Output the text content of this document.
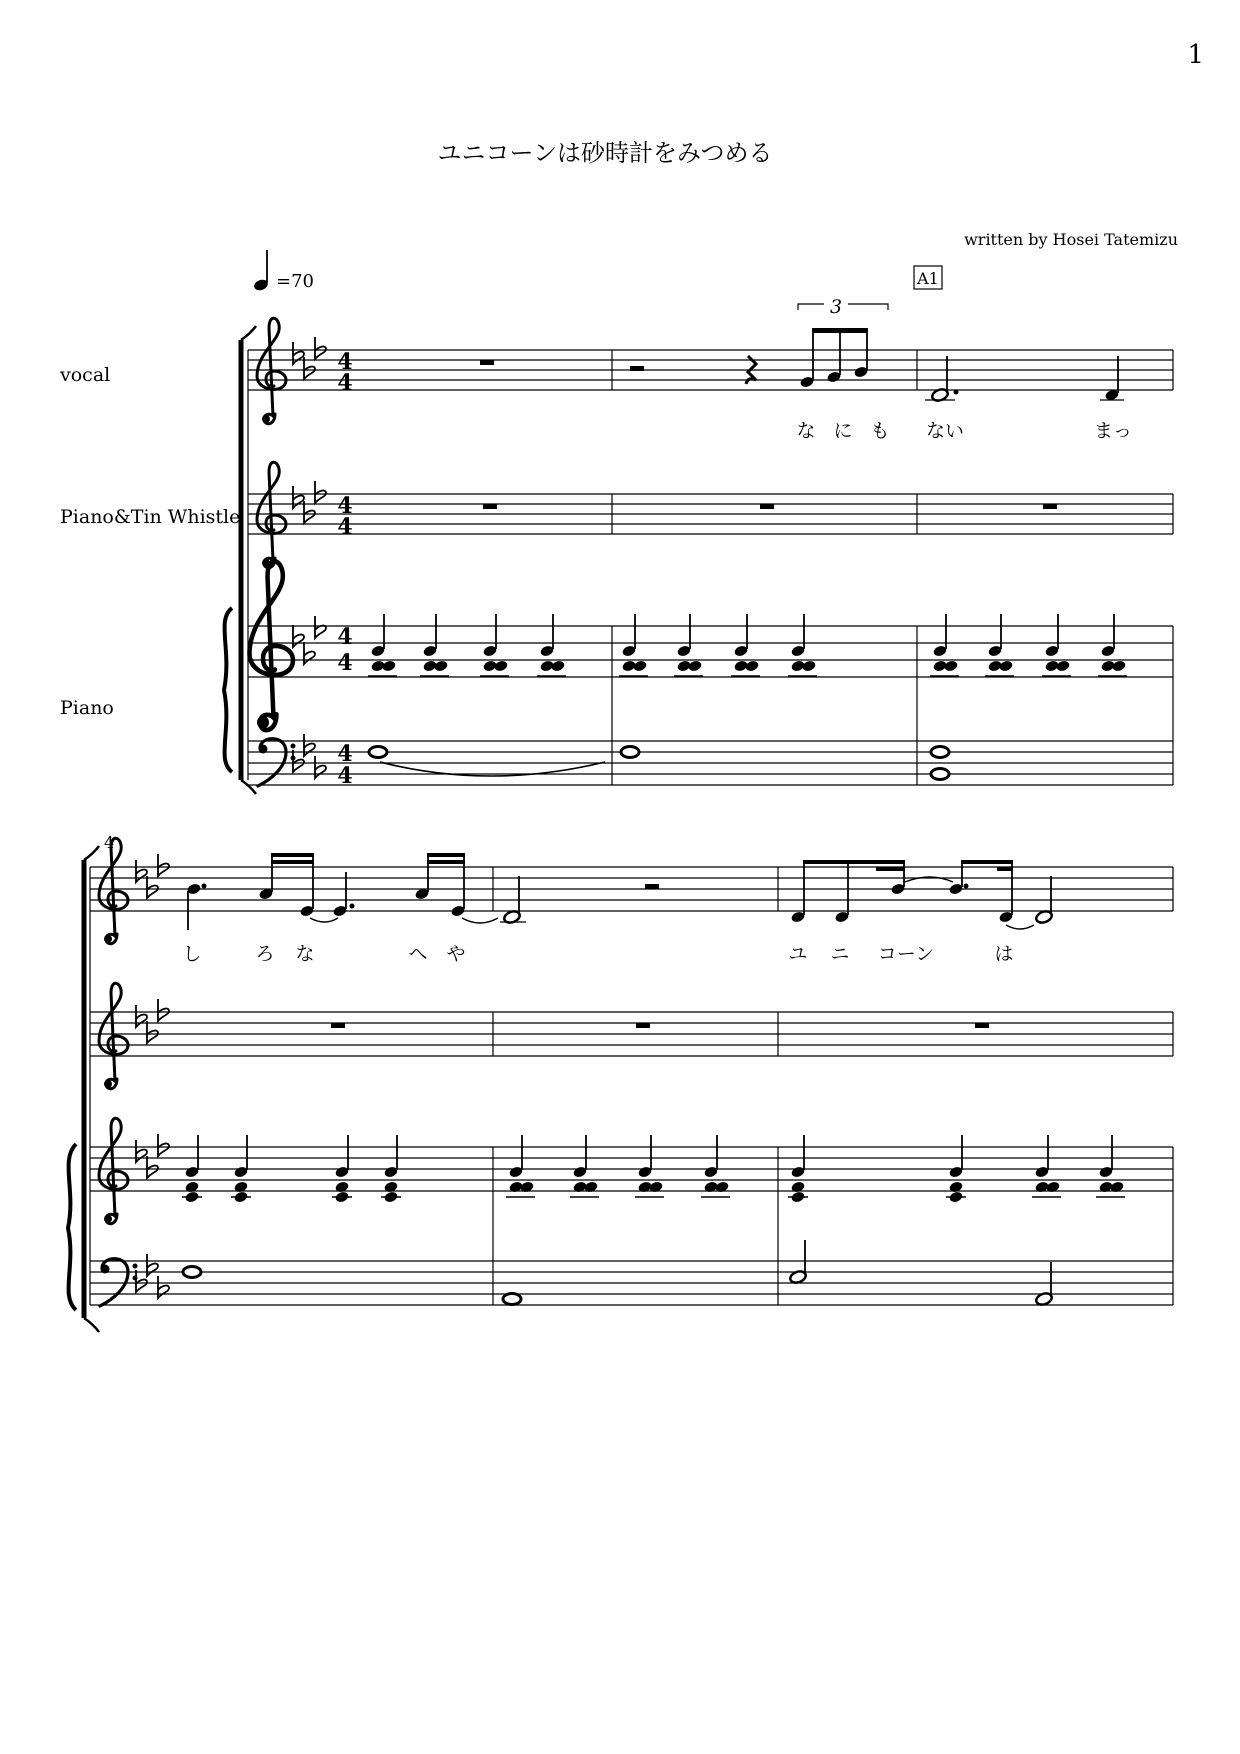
1
ユニコーンは砂時計をみつめる
written by Hosei Tatemizu
vocal
Piano&Tin Whistle
Piano
=70	A1
4
4
4
4
4
4
4
4
3
な に も ない	まっ
4
し	ろ な	へ や	ユ ニ コーン	は
